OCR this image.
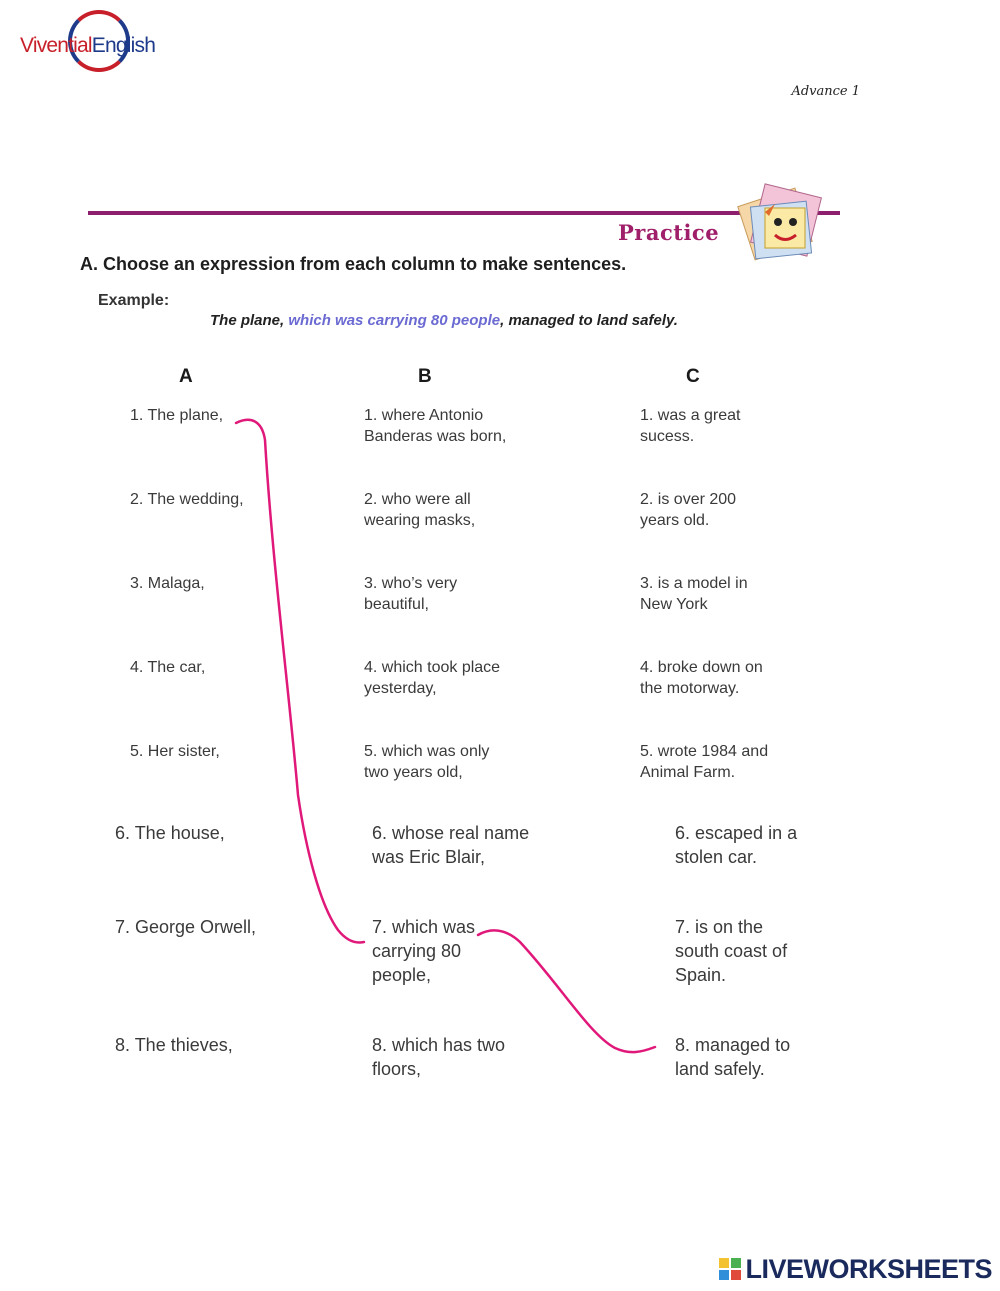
ViventialEnglish
Advance 1
Practice
A. Choose an expression from each column to make sentences.
Example:
The plane, which was carrying 80 people, managed to land safely.
A	B	C
1. The plane,
2. The wedding,
3. Malaga,
4. The car,
5. Her sister,
6. The house,
7. George Orwell,
8. The thieves,
1. where Antonio
Banderas was born,
2. who were all
wearing masks,
3. who’s very
beautiful,
4. which took place
yesterday,
5. which was only
two years old,
6. whose real name
was Eric Blair,
7. which was
carrying 80
people,
8. which has two
floors,
1. was a great
sucess.
2. is over 200
years old.
3. is a model in
New York
4. broke down on
the motorway.
5. wrote 1984 and
Animal Farm.
6. escaped in a
stolen car.
7. is on the
south coast of
Spain.
8. managed to
land safely.
LIVEWORKSHEETS
